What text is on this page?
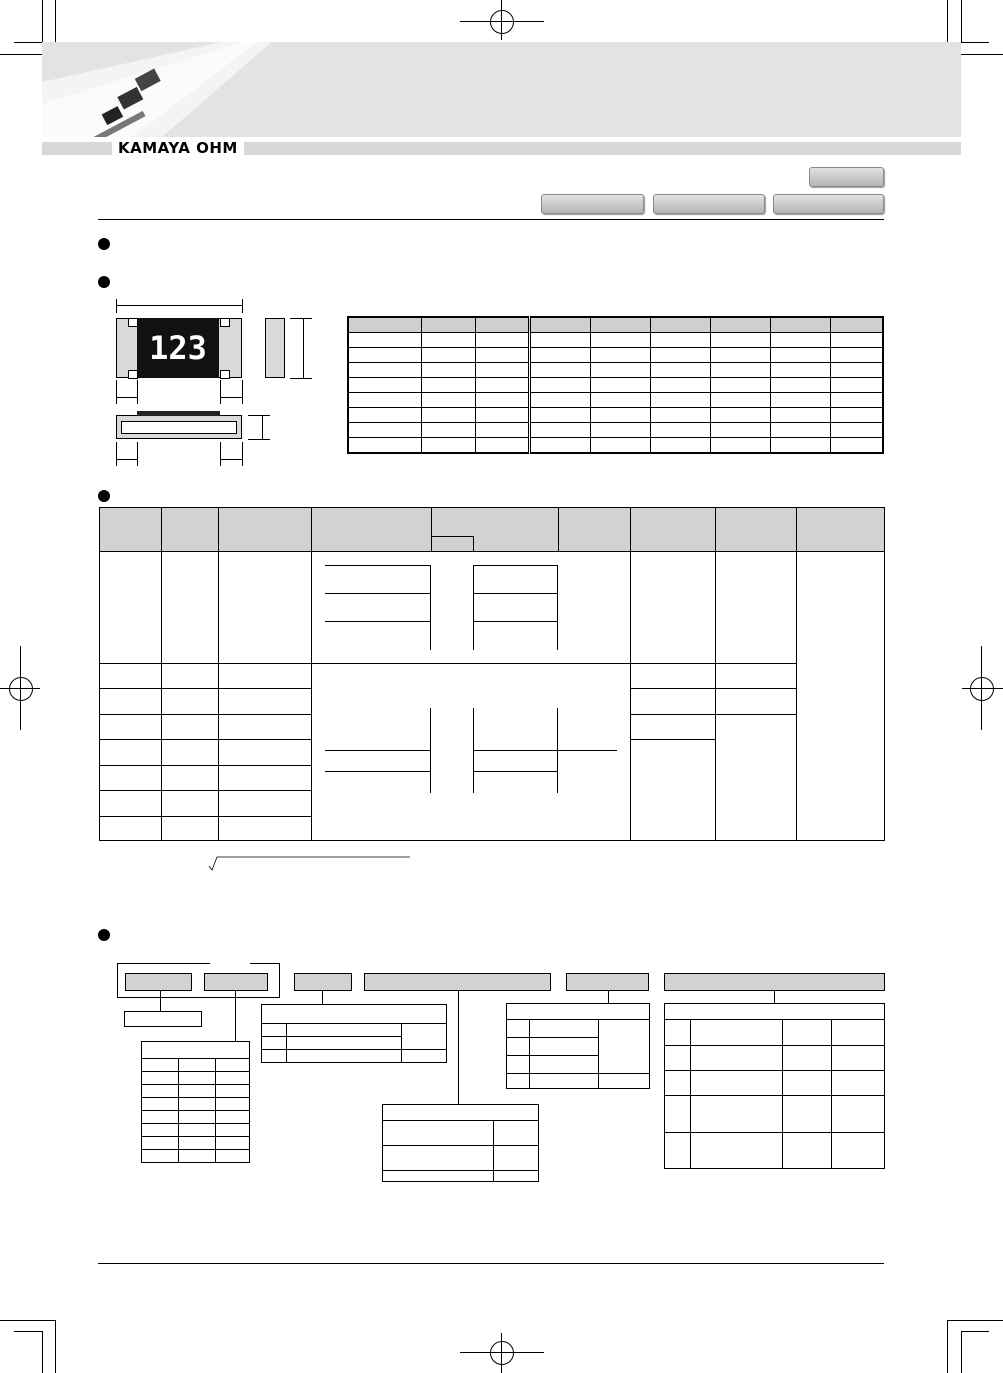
KAMAYA OHM
123
